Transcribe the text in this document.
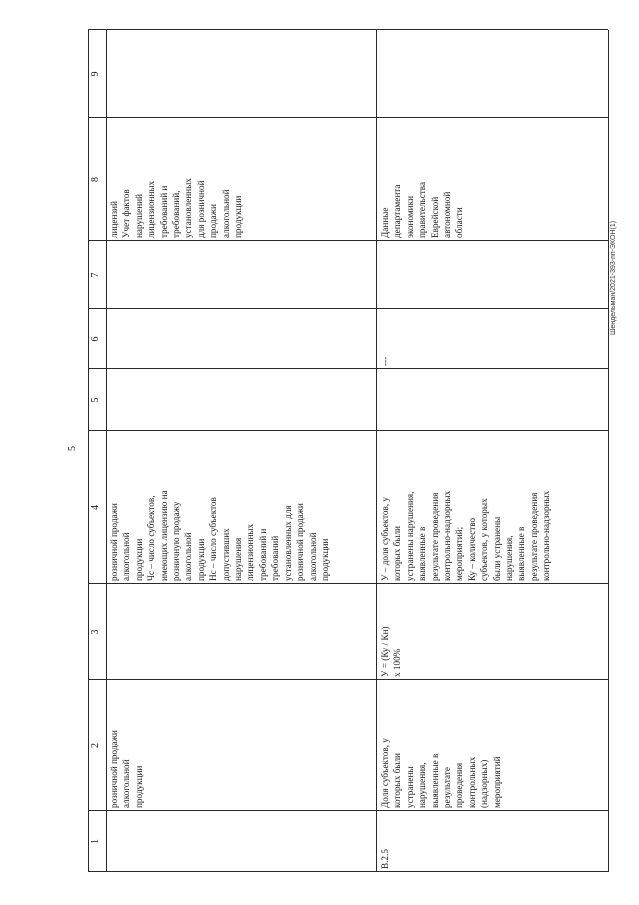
5
1
2
3
4
5
6
7
8
9
розничной продажи
алкогольной
продукции
розничной продажи
алкогольной
продукции
Чс – число субъектов,
имеющих лицензию на
розничную продажу
алкогольной
продукции
Нс – число субъектов
допустивших
нарушения
лицензионных
требований и
требований
установленных для
розничной продажи
алкогольной
продукции
лицензий
Учет фактов
нарушений
лицензионных
требований и
требований,
установленных
для розничной
продажи
алкогольной
продукции
В.2.5
Доля субъектов, у
которых были
устранены
нарушения,
выявленные в
результате
проведения
контрольных
(надзорных)
мероприятий
У = (Ку / Кн)
х 100%
У – доля субъектов, у
которых были
устранены нарушения,
выявленные в
результате проведения
контрольно-надзорных
мероприятий;
Ку – количество
субъектов, у которых
были устранены
нарушения,
выявленные в
результате проведения
контрольно-надзорных
---
Данные
департамента
экономики
правительства
Еврейской
автономной
области	Шендельман/2021-393-пп-ЭКОН(1)
